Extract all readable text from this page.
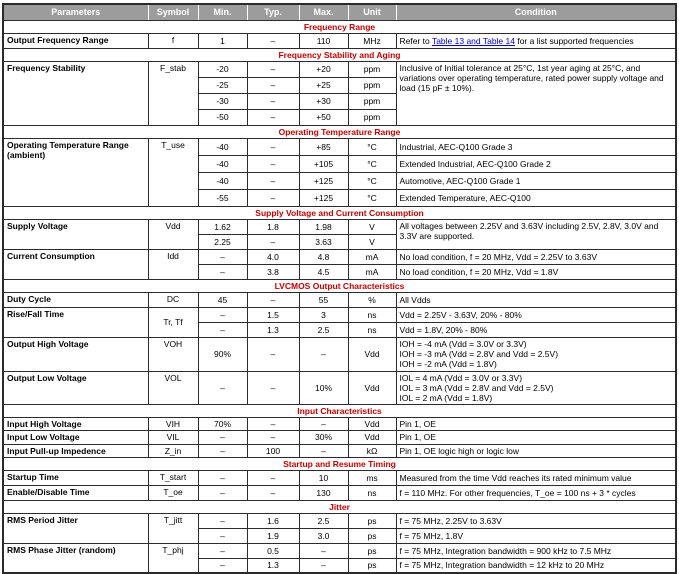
Parameters	Symbol	Min.	Typ.	Max.	Unit	Condition
Frequency Range						
Output Frequency Range	f	1	–	110	MHz	Refer to Table 13 and Table 14 for a list supported frequencies
Frequency Stability and Aging						
Frequency Stability	F_stab	-20	–	+20	ppm	Inclusive of Initial tolerance at 25°C, 1st year aging at 25°C, and variations over operating temperature, rated power supply voltage and load (15 pF ± 10%).
		-25	–	+25	ppm	
		-30	–	+30	ppm	
		-50	–	+50	ppm	
Operating Temperature Range						
Operating Temperature Range (ambient)	T_use	-40	–	+85	°C	Industrial, AEC-Q100 Grade 3
		-40	–	+105	°C	Extended Industrial, AEC-Q100 Grade 2
		-40	–	+125	°C	Automotive, AEC-Q100 Grade 1
		-55	–	+125	°C	Extended Temperature, AEC-Q100
Supply Voltage and Current Consumption						
Supply Voltage	Vdd	1.62	1.8	1.98	V	All voltages between 2.25V and 3.63V including 2.5V, 2.8V, 3.0V and 3.3V are supported.
		2.25	–	3.63	V	
Current Consumption	Idd	–	4.0	4.8	mA	No load condition, f = 20 MHz, Vdd = 2.25V to 3.63V
		–	3.8	4.5	mA	No load condition, f = 20 MHz, Vdd = 1.8V
LVCMOS Output Characteristics						
Duty Cycle	DC	45	–	55	%	All Vdds
Rise/Fall Time	Tr, Tf	–	1.5	3	ns	Vdd = 2.25V - 3.63V, 20% - 80%
		–	1.3	2.5	ns	Vdd = 1.8V, 20% - 80%
Output High Voltage	VOH	90%	–	–	Vdd	IOH = -4 mA (Vdd = 3.0V or 3.3V)
IOH = -3 mA (Vdd = 2.8V and Vdd = 2.5V)
IOH = -2 mA (Vdd = 1.8V)

Output Low Voltage	VOL	–	–	10%	Vdd	IOL = 4 mA (Vdd = 3.0V or 3.3V)
IOL = 3 mA (Vdd = 2.8V and Vdd = 2.5V)
IOL = 2 mA (Vdd = 1.8V)

Input Characteristics						
Input High Voltage	VIH	70%	–	–	Vdd	Pin 1, OE
Input Low Voltage	VIL	–	–	30%	Vdd	Pin 1, OE
Input Pull-up Impedence	Z_in	–	100	–	kΩ	Pin 1, OE logic high or logic low
Startup and Resume Timing						
Startup Time	T_start	–	–	10	ms	Measured from the time Vdd reaches its rated minimum value
Enable/Disable Time	T_oe	–	–	130	ns	f = 110 MHz. For other frequencies, T_oe = 100 ns + 3 * cycles
Jitter						
RMS Period Jitter	T_jitt	–	1.6	2.5	ps	f = 75 MHz, 2.25V to 3.63V
		–	1.9	3.0	ps	f = 75 MHz, 1.8V
RMS Phase Jitter (random)	T_phj	–	0.5	–	ps	f = 75 MHz, Integration bandwidth = 900 kHz to 7.5 MHz
		–	1.3	–	ps	f = 75 MHz, Integration bandwidth = 12 kHz to 20 MHz
